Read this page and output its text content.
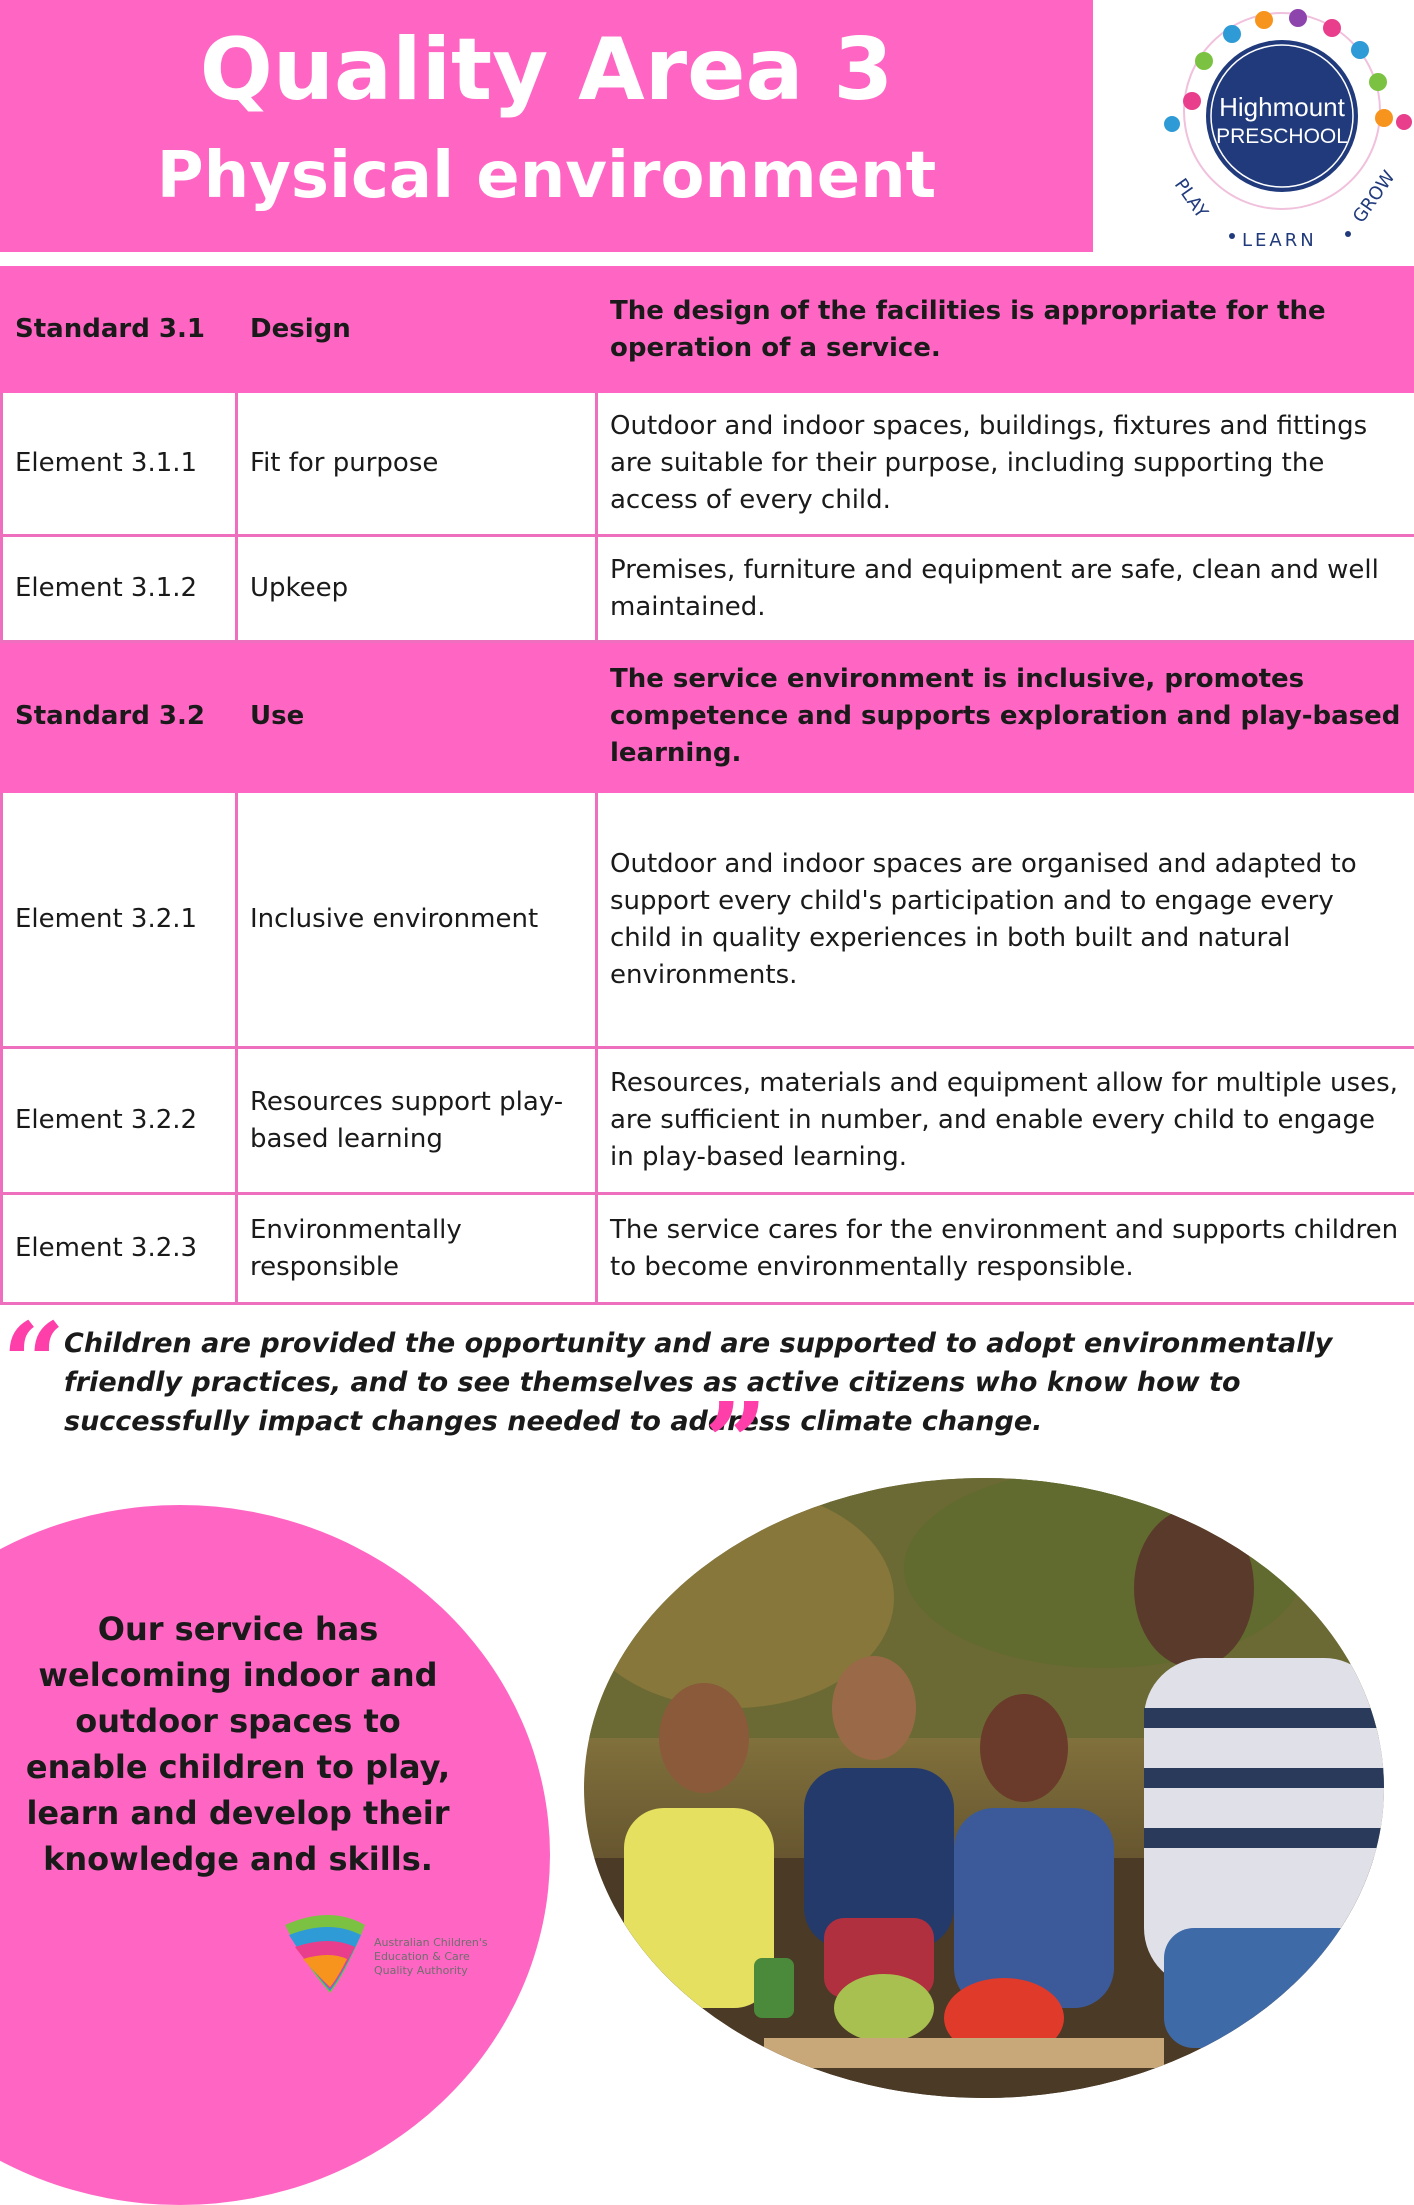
Quality Area 3
Physical environment
Highmount
PRESCHOOL
PLAY
LEARN
GROW
Standard 3.1	Design	The design of the facilities is appropriate for the operation of a service.
Element 3.1.1	Fit for purpose	Outdoor and indoor spaces, buildings, fixtures and fittings are suitable for their purpose, including supporting the access of every child.
Element 3.1.2	Upkeep	Premises, furniture and equipment are safe, clean and well maintained.
Standard 3.2	Use	The service environment is inclusive, promotes competence and supports exploration and play-based learning.
Element 3.2.1	Inclusive environment	Outdoor and indoor spaces are organised and adapted to support every child's participation and to engage every child in quality experiences in both built and natural environments.
Element 3.2.2	Resources support play-based learning	Resources, materials and equipment allow for multiple uses, are sufficient in number, and enable every child to engage in play-based learning.
Element 3.2.3	Environmentally responsible	The service cares for the environment and supports children to become environmentally responsible.
“
Children are provided the opportunity and are supported to adopt environmentally friendly practices, and to see themselves as active citizens who know how to successfully impact changes needed to address climate change.
”
Our service has welcoming indoor and outdoor spaces to enable children to play, learn and develop their knowledge and skills.
Australian Children's
Education & Care
Quality Authority
